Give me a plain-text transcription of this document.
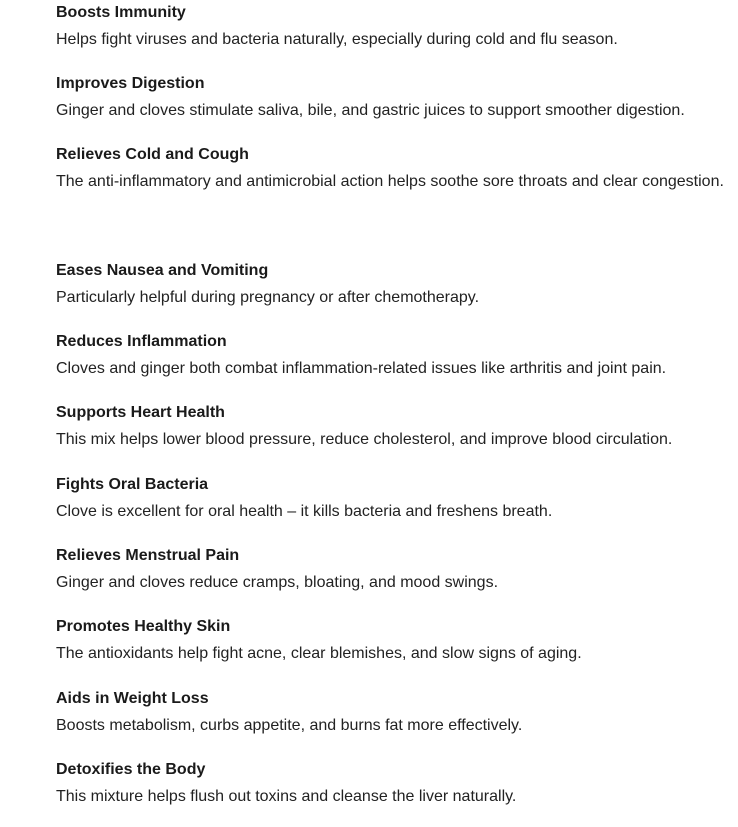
Boosts Immunity
Helps fight viruses and bacteria naturally, especially during cold and flu season.
Improves Digestion
Ginger and cloves stimulate saliva, bile, and gastric juices to support smoother digestion.
Relieves Cold and Cough
The anti-inflammatory and antimicrobial action helps soothe sore throats and clear congestion.
Eases Nausea and Vomiting
Particularly helpful during pregnancy or after chemotherapy.
Reduces Inflammation
Cloves and ginger both combat inflammation-related issues like arthritis and joint pain.
Supports Heart Health
This mix helps lower blood pressure, reduce cholesterol, and improve blood circulation.
Fights Oral Bacteria
Clove is excellent for oral health – it kills bacteria and freshens breath.
Relieves Menstrual Pain
Ginger and cloves reduce cramps, bloating, and mood swings.
Promotes Healthy Skin
The antioxidants help fight acne, clear blemishes, and slow signs of aging.
Aids in Weight Loss
Boosts metabolism, curbs appetite, and burns fat more effectively.
Detoxifies the Body
This mixture helps flush out toxins and cleanse the liver naturally.
